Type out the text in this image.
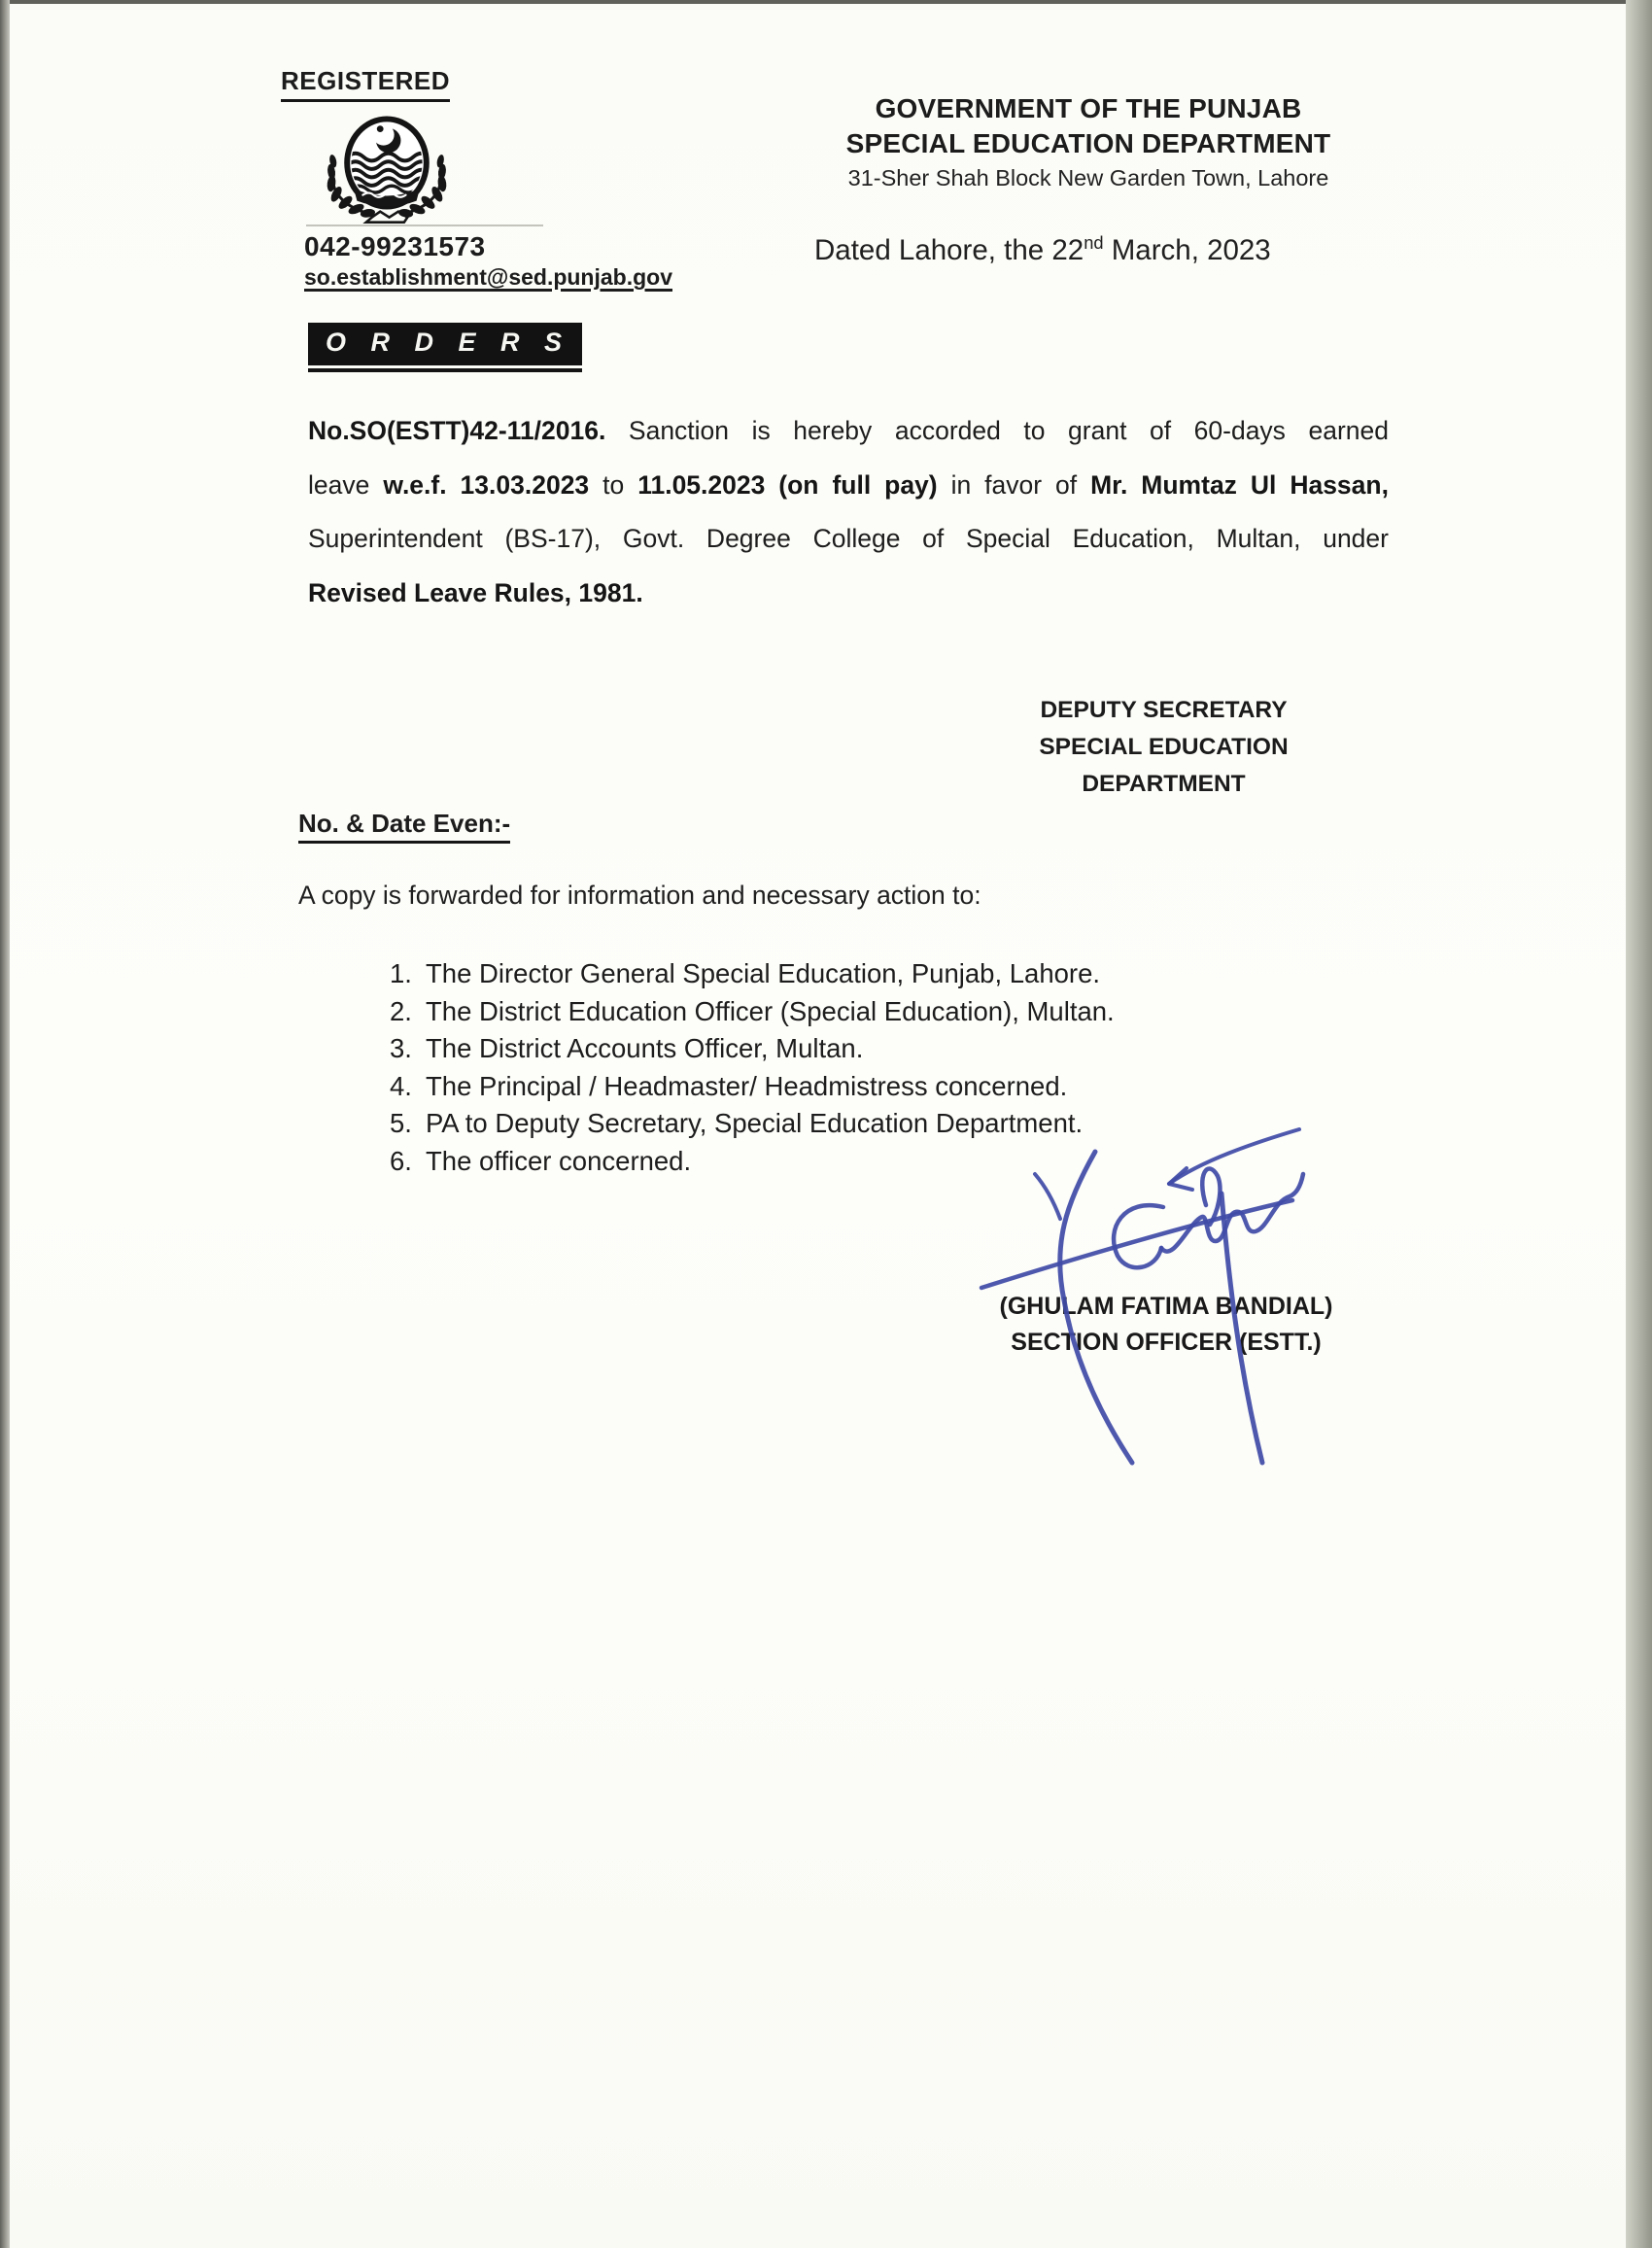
REGISTERED
042-99231573
so.establishment@sed.punjab.gov
GOVERNMENT OF THE PUNJAB
SPECIAL EDUCATION DEPARTMENT
31-Sher Shah Block New Garden Town, Lahore
Dated Lahore, the 22nd March, 2023
O R D E R S
No.SO(ESTT)42-11/2016. Sanction is hereby accorded to grant of 60-days earned
leave w.e.f. 13.03.2023 to 11.05.2023 (on full pay) in favor of Mr. Mumtaz Ul Hassan,
Superintendent (BS-17), Govt. Degree College of Special Education, Multan, under
Revised Leave Rules, 1981.
DEPUTY SECRETARY
SPECIAL EDUCATION
DEPARTMENT
No. & Date Even:-
A copy is forwarded for information and necessary action to:
1. The Director General Special Education, Punjab, Lahore.
2. The District Education Officer (Special Education), Multan.
3. The District Accounts Officer, Multan.
4. The Principal / Headmaster/ Headmistress concerned.
5. PA to Deputy Secretary, Special Education Department.
6. The officer concerned.
(GHULAM FATIMA BANDIAL)
SECTION OFFICER (ESTT.)
